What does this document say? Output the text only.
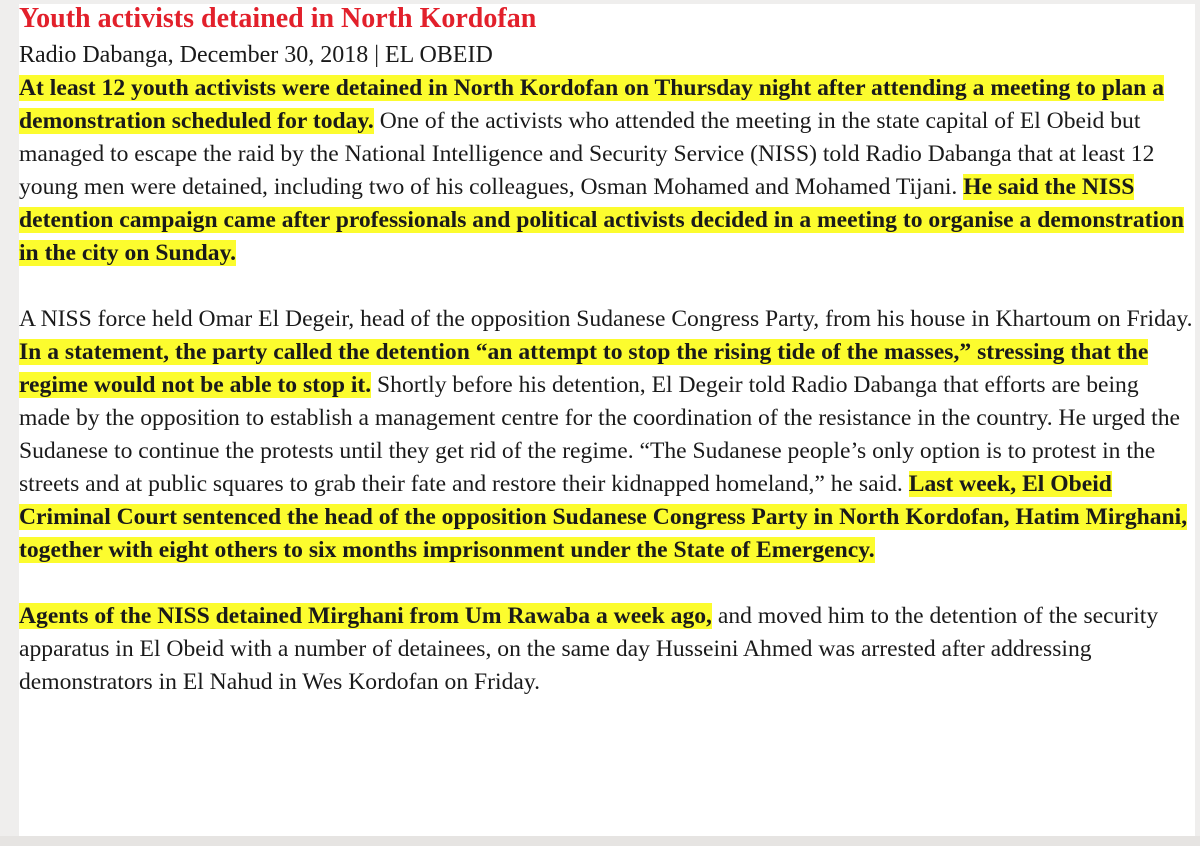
Youth activists detained in North Kordofan

Radio Dabanga, December 30, 2018 | EL OBEID

At least 12 youth activists were detained in North Kordofan on Thursday night after attending a meeting to plan a demonstration scheduled for today. One of the activists who attended the meeting in the state capital of El Obeid but managed to escape the raid by the National Intelligence and Security Service (NISS) told Radio Dabanga that at least 12 young men were detained, including two of his colleagues, Osman Mohamed and Mohamed Tijani. He said the NISS detention campaign came after professionals and political activists decided in a meeting to organise a demonstration in the city on Sunday.

A NISS force held Omar El Degeir, head of the opposition Sudanese Congress Party, from his house in Khartoum on Friday. In a statement, the party called the detention “an attempt to stop the rising tide of the masses,” stressing that the regime would not be able to stop it. Shortly before his detention, El Degeir told Radio Dabanga that efforts are being made by the opposition to establish a management centre for the coordination of the resistance in the country. He urged the Sudanese to continue the protests until they get rid of the regime. “The Sudanese people’s only option is to protest in the streets and at public squares to grab their fate and restore their kidnapped homeland,” he said. Last week, El Obeid Criminal Court sentenced the head of the opposition Sudanese Congress Party in North Kordofan, Hatim Mirghani, together with eight others to six months imprisonment under the State of Emergency.

Agents of the NISS detained Mirghani from Um Rawaba a week ago, and moved him to the detention of the security apparatus in El Obeid with a number of detainees, on the same day Husseini Ahmed was arrested after addressing demonstrators in El Nahud in Wes Kordofan on Friday.
